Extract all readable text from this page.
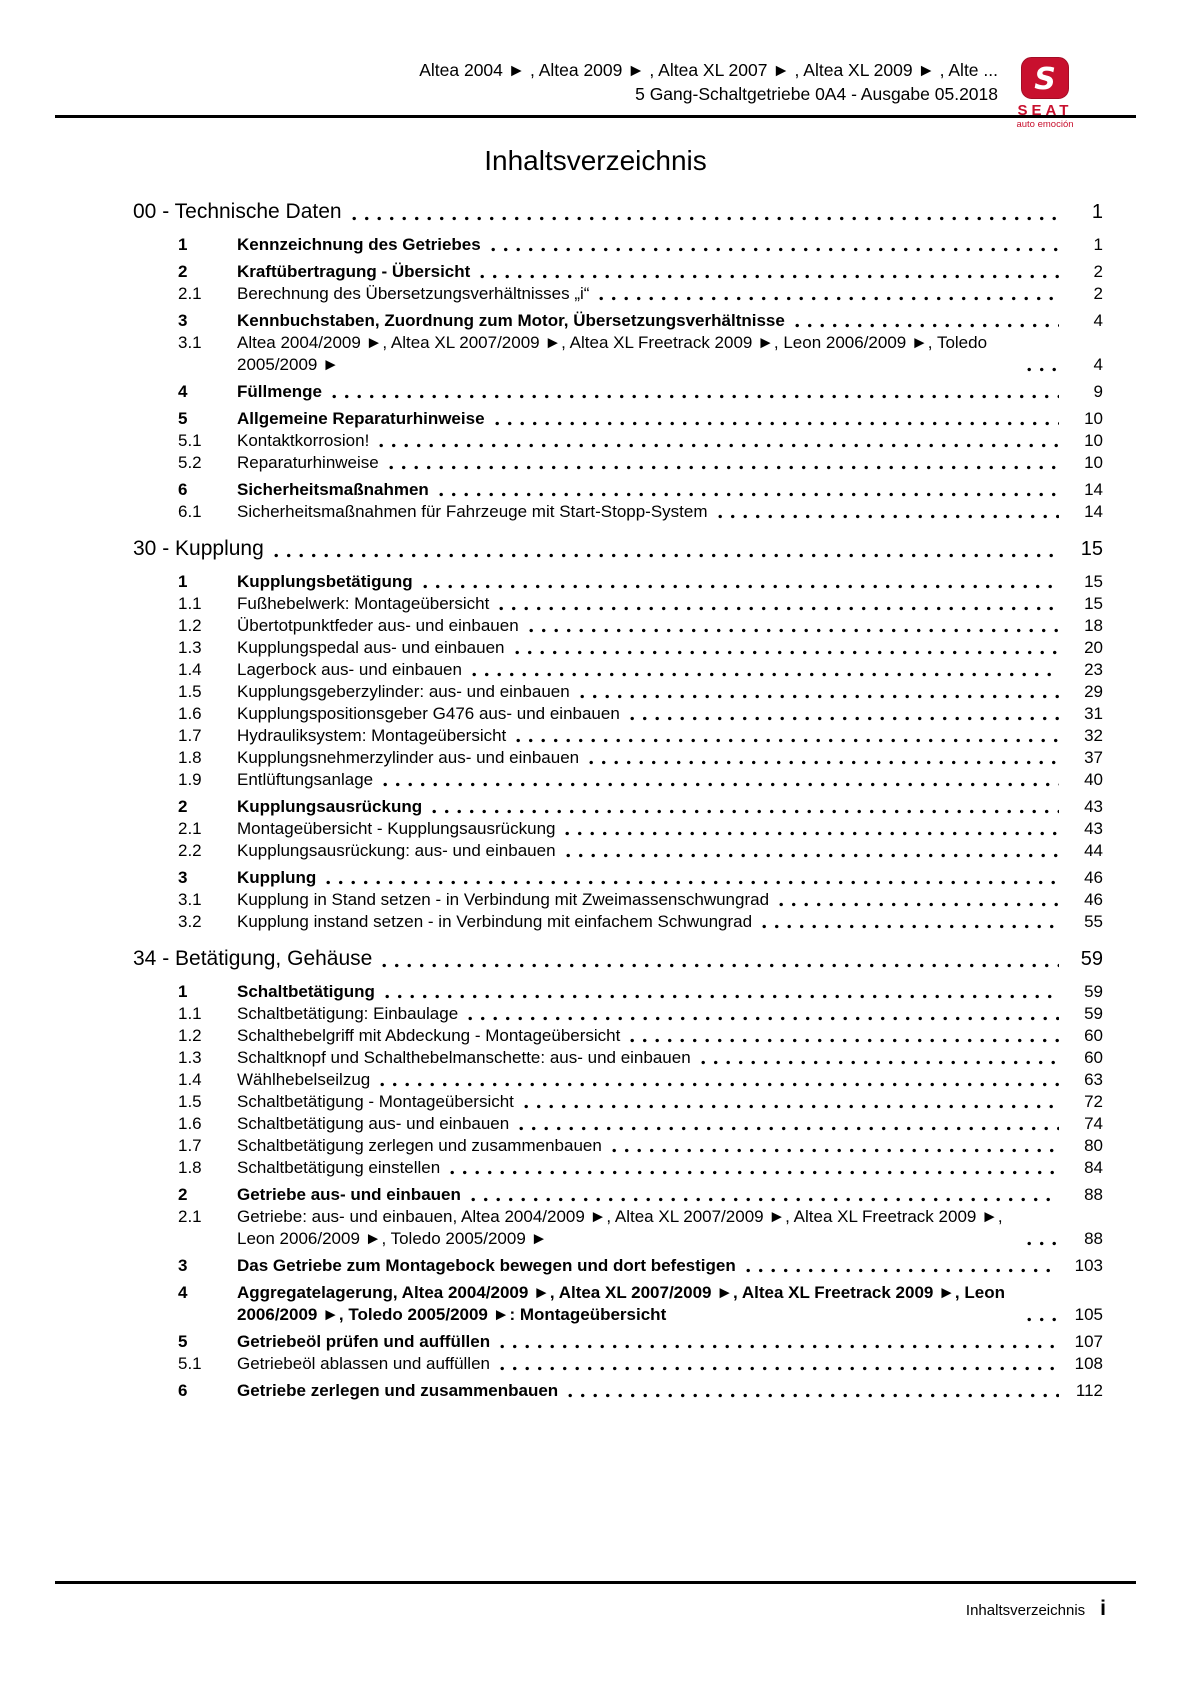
Altea 2004 ► , Altea 2009 ► , Altea XL 2007 ► , Altea XL 2009 ► , Alte ...
5 Gang-Schaltgetriebe 0A4 - Ausgabe 05.2018 S
SEAT
auto emoción
Inhaltsverzeichnis
00 - Technische Daten	1
1	Kennzeichnung des Getriebes	1
2	Kraftübertragung - Übersicht	2
2.1	Berechnung des Übersetzungsverhältnisses „i“	2
3	Kennbuchstaben, Zuordnung zum Motor, Übersetzungsverhältnisse	4
3.1	Altea 2004/2009 ►, Altea XL 2007/2009 ►, Altea XL Freetrack 2009 ►, Leon 2006/2009 ►, Toledo 2005/2009 ►	4
4	Füllmenge	9
5	Allgemeine Reparaturhinweise	10
5.1	Kontaktkorrosion!	10
5.2	Reparaturhinweise	10
6	Sicherheitsmaßnahmen	14
6.1	Sicherheitsmaßnahmen für Fahrzeuge mit Start-Stopp-System	14
30 - Kupplung	15
1	Kupplungsbetätigung	15
1.1	Fußhebelwerk: Montageübersicht	15
1.2	Übertotpunktfeder aus- und einbauen	18
1.3	Kupplungspedal aus- und einbauen	20
1.4	Lagerbock aus- und einbauen	23
1.5	Kupplungsgeberzylinder: aus- und einbauen	29
1.6	Kupplungspositionsgeber G476 aus- und einbauen	31
1.7	Hydrauliksystem: Montageübersicht	32
1.8	Kupplungsnehmerzylinder aus- und einbauen	37
1.9	Entlüftungsanlage	40
2	Kupplungsausrückung	43
2.1	Montageübersicht - Kupplungsausrückung	43
2.2	Kupplungsausrückung: aus- und einbauen	44
3	Kupplung	46
3.1	Kupplung in Stand setzen - in Verbindung mit Zweimassenschwungrad	46
3.2	Kupplung instand setzen - in Verbindung mit einfachem Schwungrad	55
34 - Betätigung, Gehäuse	59
1	Schaltbetätigung	59
1.1	Schaltbetätigung: Einbaulage	59
1.2	Schalthebelgriff mit Abdeckung - Montageübersicht	60
1.3	Schaltknopf und Schalthebelmanschette: aus- und einbauen	60
1.4	Wählhebelseilzug	63
1.5	Schaltbetätigung - Montageübersicht	72
1.6	Schaltbetätigung aus- und einbauen	74
1.7	Schaltbetätigung zerlegen und zusammenbauen	80
1.8	Schaltbetätigung einstellen	84
2	Getriebe aus- und einbauen	88
2.1	Getriebe: aus- und einbauen, Altea 2004/2009 ►, Altea XL 2007/2009 ►, Altea XL Freetrack 2009 ►, Leon 2006/2009 ►, Toledo 2005/2009 ►	88
3	Das Getriebe zum Montagebock bewegen und dort befestigen	103
4	Aggregatelagerung, Altea 2004/2009 ►, Altea XL 2007/2009 ►, Altea XL Freetrack 2009 ►, Leon 2006/2009 ►, Toledo 2005/2009 ►: Montageübersicht	105
5	Getriebeöl prüfen und auffüllen	107
5.1	Getriebeöl ablassen und auffüllen	108
6	Getriebe zerlegen und zusammenbauen	112
Inhaltsverzeichnis i
